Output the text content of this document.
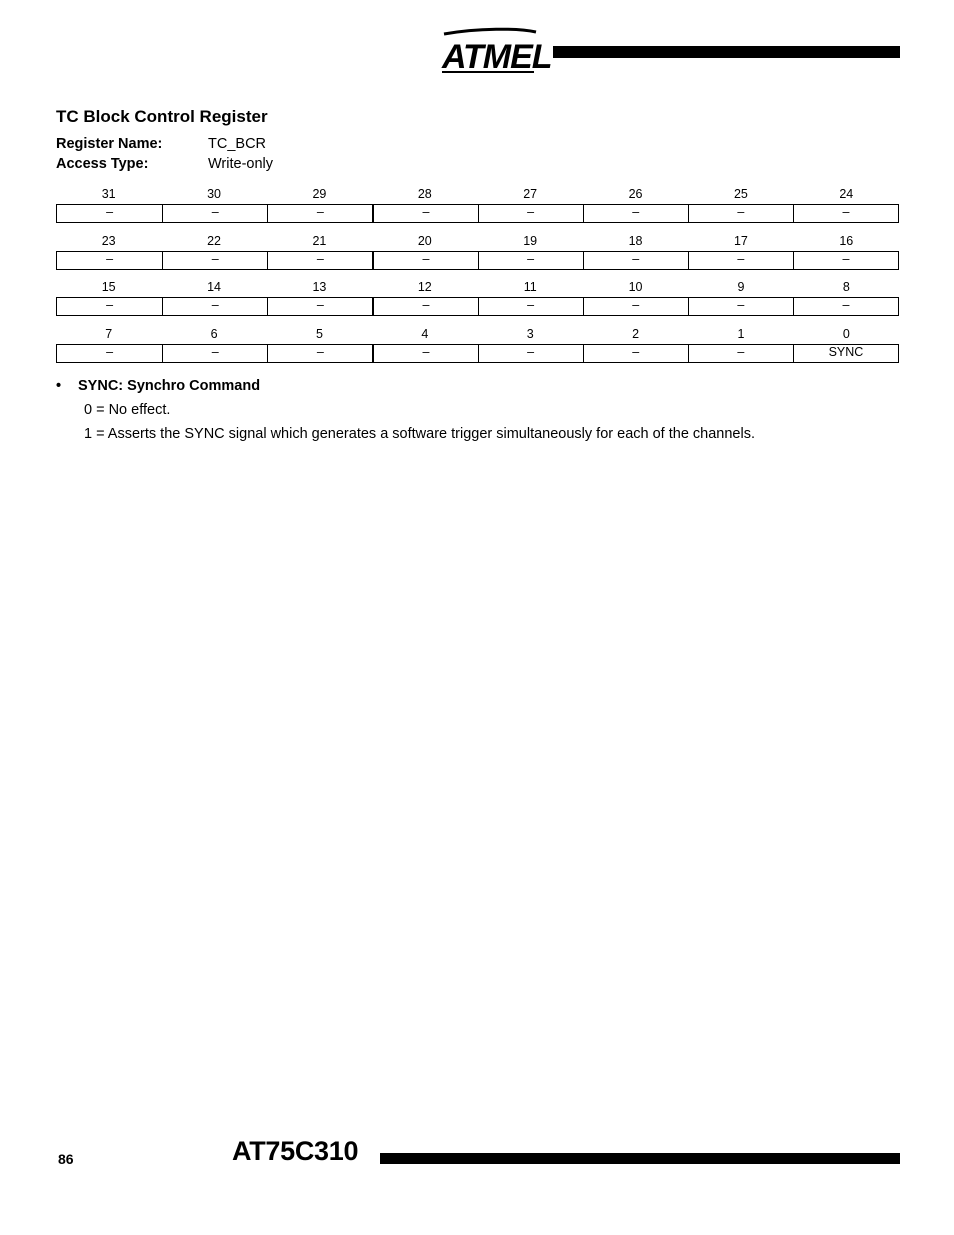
ATMEL
TC Block Control Register
Register Name:	TC_BCR
Access Type:	Write-only
31	30	29	28	27	26	25	24
–	–	–	–	–	–	–	–
23	22	21	20	19	18	17	16
–	–	–	–	–	–	–	–
15	14	13	12	11	10	9	8
–	–	–	–	–	–	–	–
7	6	5	4	3	2	1	0
–	–	–	–	–	–	–	SYNC
• SYNC: Synchro Command
0 = No effect.
1 = Asserts the SYNC signal which generates a software trigger simultaneously for each of the channels.
86	AT75C310
